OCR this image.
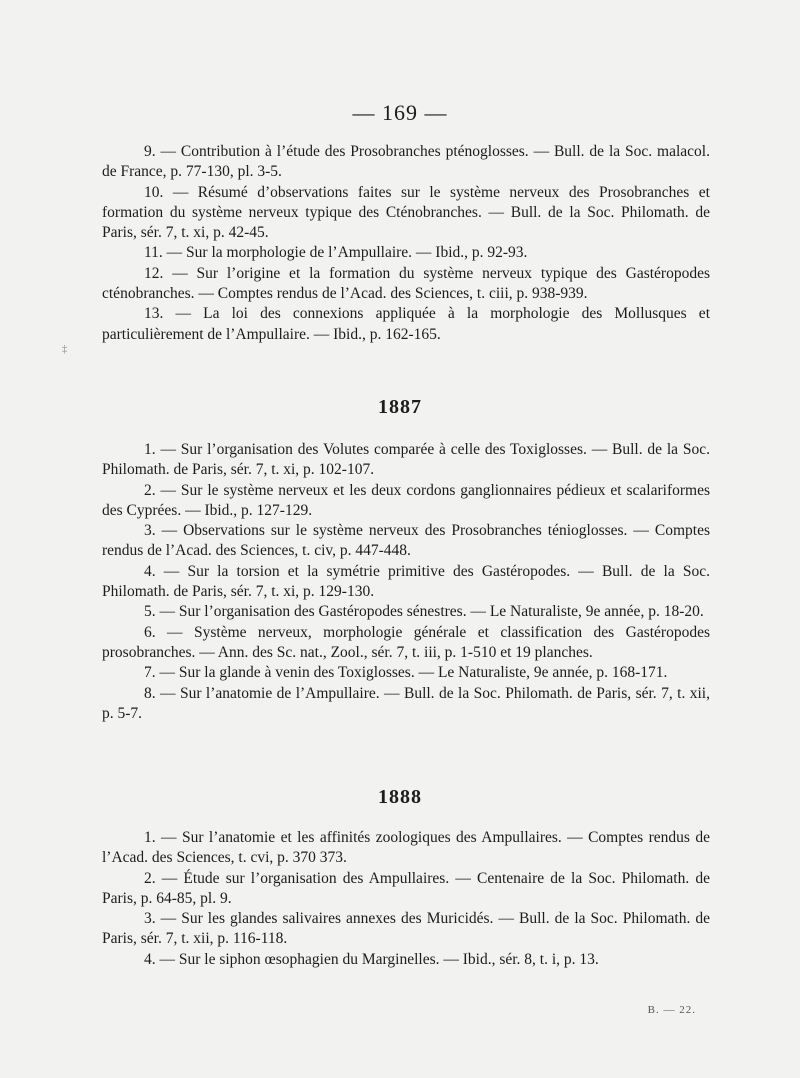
— 169 —

9. — Contribution à l’étude des Prosobranches pténoglosses. — Bull. de la Soc. malacol. de France, p. 77-130, pl. 3-5.

10. — Résumé d’observations faites sur le système nerveux des Prosobranches et formation du système nerveux typique des Cténobranches. — Bull. de la Soc. Philomath. de Paris, sér. 7, t. xi, p. 42-45.

11. — Sur la morphologie de l’Ampullaire. — Ibid., p. 92-93.

12. — Sur l’origine et la formation du système nerveux typique des Gastéropodes cténobranches. — Comptes rendus de l’Acad. des Sciences, t. ciii, p. 938-939.

13. — La loi des connexions appliquée à la morphologie des Mollusques et particulièrement de l’Ampullaire. — Ibid., p. 162-165.

‡
1887

1. — Sur l’organisation des Volutes comparée à celle des Toxiglosses. — Bull. de la Soc. Philomath. de Paris, sér. 7, t. xi, p. 102-107.

2. — Sur le système nerveux et les deux cordons ganglionnaires pédieux et scalariformes des Cyprées. — Ibid., p. 127-129.

3. — Observations sur le système nerveux des Prosobranches ténioglosses. — Comptes rendus de l’Acad. des Sciences, t. civ, p. 447-448.

4. — Sur la torsion et la symétrie primitive des Gastéropodes. — Bull. de la Soc. Philomath. de Paris, sér. 7, t. xi, p. 129-130.

5. — Sur l’organisation des Gastéropodes sénestres. — Le Naturaliste, 9e année, p. 18-20.

6. — Système nerveux, morphologie générale et classification des Gastéropodes prosobranches. — Ann. des Sc. nat., Zool., sér. 7, t. iii, p. 1-510 et 19 planches.

7. — Sur la glande à venin des Toxiglosses. — Le Naturaliste, 9e année, p. 168-171.

8. — Sur l’anatomie de l’Ampullaire. — Bull. de la Soc. Philomath. de Paris, sér. 7, t. xii, p. 5-7.

1888

1. — Sur l’anatomie et les affinités zoologiques des Ampullaires. — Comptes rendus de l’Acad. des Sciences, t. cvi, p. 370 373.

2. — Étude sur l’organisation des Ampullaires. — Centenaire de la Soc. Philomath. de Paris, p. 64-85, pl. 9.

3. — Sur les glandes salivaires annexes des Muricidés. — Bull. de la Soc. Philomath. de Paris, sér. 7, t. xii, p. 116-118.

4. — Sur le siphon œsophagien du Marginelles. — Ibid., sér. 8, t. i, p. 13.

B. — 22.
